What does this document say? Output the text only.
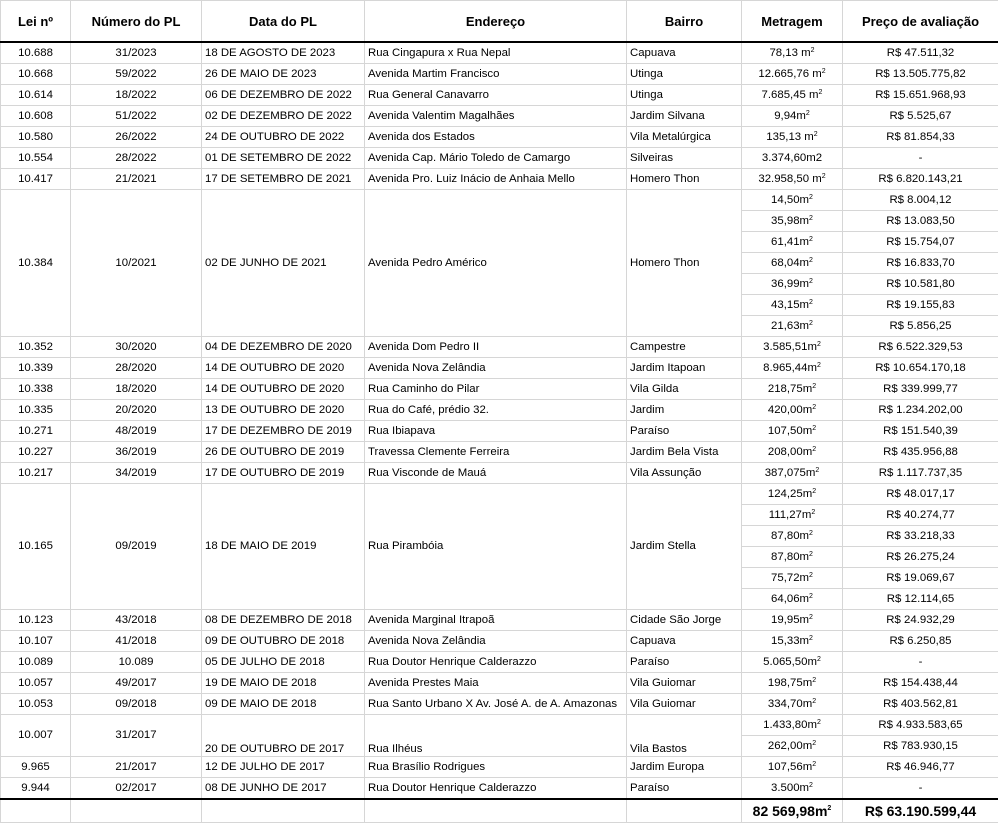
Lei nº	Número do PL	Data do PL	Endereço	Bairro	Metragem	Preço de avaliação
10.688	31/2023	18 DE AGOSTO DE 2023	Rua Cingapura x Rua Nepal	Capuava	78,13 $m^2$	R$ 47.511,32
10.668	59/2022	26 DE MAIO DE 2023	Avenida Martim Francisco	Utinga	12.665,76 $m^2$	R$ 13.505.775,82
10.614	18/2022	06 DE DEZEMBRO DE 2022	Rua General Canavarro	Utinga	7.685,45 $m^2$	R$ 15.651.968,93
10.608	51/2022	02 DE DEZEMBRO DE 2022	Avenida Valentim Magalhães	Jardim Silvana	$9,94m^2$	R$ 5.525,67
10.580	26/2022	24 DE OUTUBRO DE 2022	Avenida dos Estados	Vila Metalúrgica	135,13 $m^2$	R$ 81.854,33
10.554	28/2022	01 DE SETEMBRO DE 2022	Avenida Cap. Mário Toledo de Camargo	Silveiras	3.374,60m2	-
10.417	21/2021	17 DE SETEMBRO DE 2021	Avenida Pro. Luiz Inácio de Anhaia Mello	Homero Thon	32.958,50 $m^2$	R$ 6.820.143,21
10.384	10/2021	02 DE JUNHO DE 2021	Avenida Pedro Américo	Homero Thon	$14,50m^2$	R$ 8.004,12
					$35,98m^2$	R$ 13.083,50
					$61,41m^2$	R$ 15.754,07
					$68,04m^2$	R$ 16.833,70
					$36,99m^2$	R$ 10.581,80
					$43,15m^2$	R$ 19.155,83
					$21,63m^2$	R$ 5.856,25
10.352	30/2020	04 DE DEZEMBRO DE 2020	Avenida Dom Pedro II	Campestre	$3.585,51m^2$	R$ 6.522.329,53
10.339	28/2020	14 DE OUTUBRO DE 2020	Avenida Nova Zelândia	Jardim Itapoan	$8.965,44m^2$	R$ 10.654.170,18
10.338	18/2020	14 DE OUTUBRO DE 2020	Rua Caminho do Pilar	Vila Gilda	$218,75m^2$	R$ 339.999,77
10.335	20/2020	13 DE OUTUBRO DE 2020	Rua do Café, prédio 32.	Jardim	$420,00m^2$	R$ 1.234.202,00
10.271	48/2019	17 DE DEZEMBRO DE 2019	Rua Ibiapava	Paraíso	$107,50m^2$	R$ 151.540,39
10.227	36/2019	26 DE OUTUBRO DE 2019	Travessa Clemente Ferreira	Jardim Bela Vista	$208,00m^2$	R$ 435.956,88
10.217	34/2019	17 DE OUTUBRO DE 2019	Rua Visconde de Mauá	Vila Assunção	$387,075m^2$	R$ 1.117.737,35
10.165	09/2019	18 DE MAIO DE 2019	Rua Pirambóia	Jardim Stella	$124,25m^2$	R$ 48.017,17
					$111,27m^2$	R$ 40.274,77
					$87,80m^2$	R$ 33.218,33
					$87,80m^2$	R$ 26.275,24
					$75,72m^2$	R$ 19.069,67
					$64,06m^2$	R$ 12.114,65
10.123	43/2018	08 DE DEZEMBRO DE 2018	Avenida Marginal Itrapoã	Cidade São Jorge	$19,95m^2$	R$ 24.932,29
10.107	41/2018	09 DE OUTUBRO DE 2018	Avenida Nova Zelândia	Capuava	$15,33m^2$	R$ 6.250,85
10.089	10.089	05 DE JULHO DE 2018	Rua Doutor Henrique Calderazzo	Paraíso	$5.065,50m^2$	-
10.057	49/2017	19 DE MAIO DE 2018	Avenida Prestes Maia	Vila Guiomar	$198,75m^2$	R$ 154.438,44
10.053	09/2018	09 DE MAIO DE 2018	Rua Santo Urbano X Av. José A. de A. Amazonas	Vila Guiomar	$334,70m^2$	R$ 403.562,81
10.007	31/2017	20 DE OUTUBRO DE 2017	Rua Ilhéus	Vila Bastos	$1.433,80m^2$	R$ 4.933.583,65
					$262,00m^2$	R$ 783.930,15
9.965	21/2017	12 DE JULHO DE 2017	Rua Brasílio Rodrigues	Jardim Europa	$107,56m^2$	R$ 46.946,77
9.944	02/2017	08 DE JUNHO DE 2017	Rua Doutor Henrique Calderazzo	Paraíso	$3.500m^2$	-
					82 $569,98m^2$	R$ 63.190.599,44
